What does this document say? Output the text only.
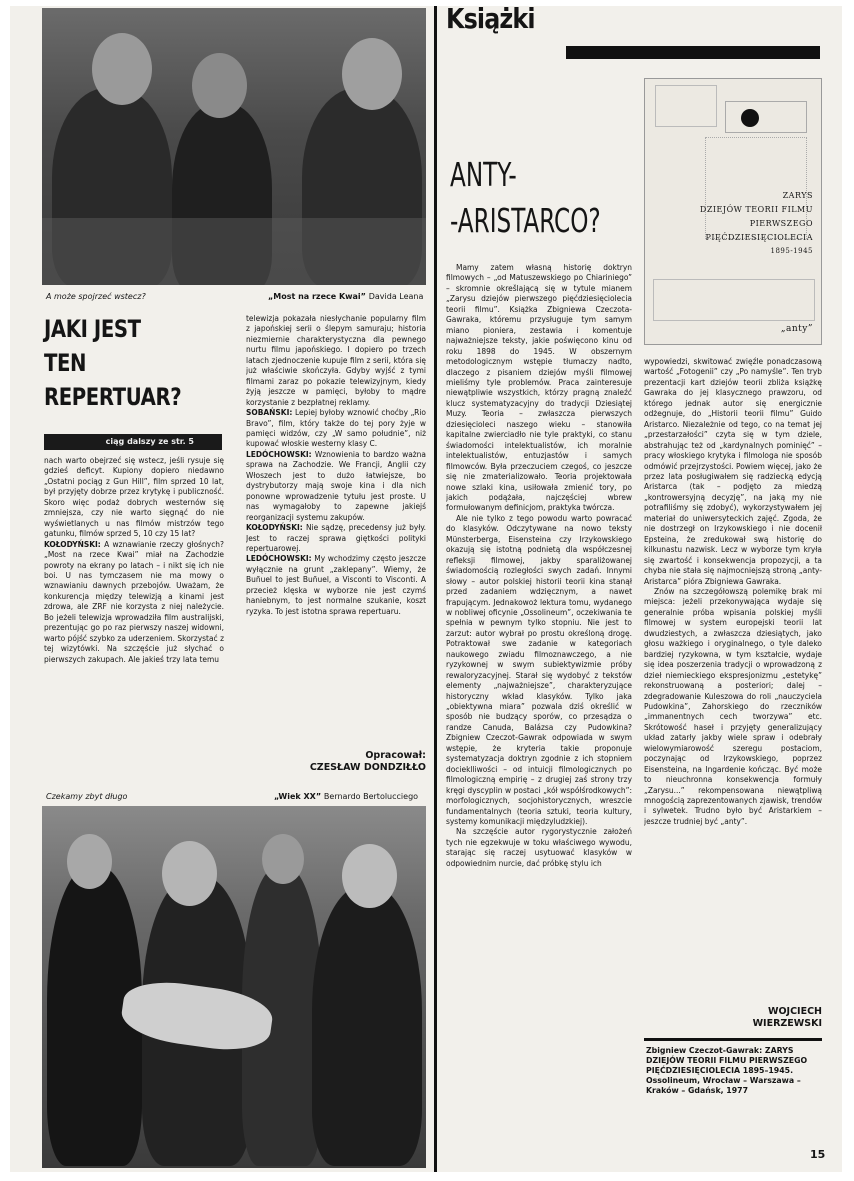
A może spojrzeć wstecz?	„Most na rzece Kwai” Davida Leana
JAKI JEST
TEN
REPERTUAR?
ciąg dalszy ze str. 5

nach warto obejrzeć się wstecz, jeśli rysuje się gdzieś deficyt. Kupiony dopiero niedawno „Ostatni pociąg z Gun Hill”, film sprzed 10 lat, był przyjęty dobrze przez krytykę i publiczność. Skoro więc podaż dobrych westernów się zmniejsza, czy nie warto sięgnąć do nie wyświetlanych u nas filmów mistrzów tego gatunku, filmów sprzed 5, 10 czy 15 lat?

KOŁODYŃSKI: A wznawianie rzeczy głośnych? „Most na rzece Kwai” miał na Zachodzie powroty na ekrany po latach – i nikt się ich nie boi. U nas tymczasem nie ma mowy o wznawianiu dawnych przebojów. Uważam, że konkurencja między telewizją a kinami jest zdrowa, ale ZRF nie korzysta z niej należycie. Bo jeżeli telewizja wprowadziła film australijski, prezentując go po raz pierwszy naszej widowni, warto pójść szybko za uderzeniem. Skorzystać z tej wizytówki. Na szczęście już słychać o pierwszych zakupach. Ale jakieś trzy lata temu

telewizja pokazała niesłychanie popularny film z japońskiej serii o ślepym samuraju; historia niezmiernie charakterystyczna dla pewnego nurtu filmu japońskiego. I dopiero po trzech latach zjednoczenie kupuje film z serii, która się już właściwie skończyła. Gdyby wyjść z tymi filmami zaraz po pokazie telewizyjnym, kiedy żyją jeszcze w pamięci, byłoby to mądre korzystanie z bezpłatnej reklamy.

SOBAŃSKI: Lepiej byłoby wznowić choćby „Rio Bravo”, film, który także do tej pory żyje w pamięci widzów, czy „W samo południe”, niż kupować włoskie westerny klasy C.

LEDÓCHOWSKI: Wznowienia to bardzo ważna sprawa na Zachodzie. We Francji, Anglii czy Włoszech jest to dużo łatwiejsze, bo dystrybutorzy mają swoje kina i dla nich ponowne wprowadzenie tytułu jest proste. U nas wymagałoby to zapewne jakiejś reorganizacji systemu zakupów.

KOŁODYŃSKI: Nie sądzę, precedensy już były. Jest to raczej sprawa giętkości polityki repertuarowej.

LEDÓCHOWSKI: My wchodzimy często jeszcze wyłącznie na grunt „zaklepany”. Wiemy, że Buñuel to jest Buñuel, a Visconti to Visconti. A przecież klęska w wyborze nie jest czymś haniebnym, to jest normalne szukanie, koszt ryzyka. To jest istotna sprawa repertuaru.

Opracował:
CZESŁAW DONDZIŁŁO
Czekamy zbyt długo	„Wiek XX” Bernardo Bertolucciego
Książki
ZARYS
DZIEJÓW TEORII FILMU
PIERWSZEGO
PIĘĆDZIESIĘCIOLECIA
1895-1945
„anty”
ANTY-
-ARISTARCO?

Mamy zatem własną historię doktryn filmowych – „od Matuszewskiego po Chiariniego” – skromnie okrešlającą się w tytule mianem „Zarysu dziejów pierwszego pięćdziesięciolecia teorii filmu”. Książka Zbigniewa Czeczota-Gawraka, któremu przysługuje tym samym miano pioniera, zestawia i komentuje najważniejsze teksty, jakie poświęcono kinu od roku 1898 do 1945. W obszernym metodologicznym wstępie tłumaczy nadto, dlaczego z pisaniem dziejów myśli filmowej mieliśmy tyle problemów. Praca zainteresuje niewątpliwie wszystkich, którzy pragną znaleźć klucz systematyzacyjny do tradycji Dziesiątej Muzy. Teoria – zwłaszcza pierwszych dziesięcioleci naszego wieku – stanowiła kapitalne zwierciadło nie tyle praktyki, co stanu świadomości intelektualistów, ich moralnie intelektualistów, entuzjastów i samych filmowców. Była przeczuciem czegoś, co jeszcze się nie zmaterializowało. Teoria projektowała nowe szlaki kina, usiłowała zmienić tory, po jakich podążała, najczęściej wbrew formułowanym definicjom, praktyka twórcza.

Ale nie tylko z tego powodu warto powracać do klasyków. Odczytywane na nowo teksty Münsterberga, Eisensteina czy Irzykowskiego okazują się istotną podnietą dla współczesnej refleksji filmowej, jakby sparaliżowanej świadomością rozległości swych zadań. Innymi słowy – autor polskiej historii teorii kina stanął przed zadaniem wdzięcznym, a nawet frapującym. Jednakowoż lektura tomu, wydanego w nobliwej oficynie „Ossolineum”, oczekiwania te spełnia w pewnym tylko stopniu. Nie jest to zarzut: autor wybrał po prostu określoną drogę. Potraktował swe zadanie w kategoriach naukowego zwiadu filmoznawczego, a nie ryzykownej w swym subiektywizmie próby rewaloryzacyjnej. Starał się wydobyć z tekstów elementy „najważniejsze”, charakteryzujące historyczny wkład klasyków. Tylko jaka „obiektywna miara” pozwala dziś określić w sposób nie budzący sporów, co przesądza o randze Canuda, Balázsa czy Pudowkina? Zbigniew Czeczot-Gawrak odpowiada w swym wstępie, że kryteria takie proponuje systematyzacja doktryn zgodnie z ich stopniem docieklliwości – od intuicji filmologicznych po filmologiczną empirię – z drugiej zaś strony trzy kręgi dyscyplin w postaci „kół współśrodkowych”: morfologicznych, socjohistorycznych, wreszcie fundamentalnych (teoria sztuki, teoria kultury, systemy komunikacji międzyludzkiej).

Na szczęście autor rygorystycznie założeń tych nie egzekwuje w toku właściwego wywodu, starając się raczej usytuować klasyków w odpowiednim nurcie, dać próbkę stylu ich

wypowiedzi, skwitować zwięźle ponadczasową wartość „Fotogenii” czy „Po namyśle”. Ten tryb prezentacji kart dziejów teorii zbliża książkę Gawraka do jej klasycznego prawzoru, od którego jednak autor się energicznie odżegnuje, do „Historii teorii filmu” Guido Aristarco. Niezależnie od tego, co na temat jej „przestarzałości” czyta się w tym dziele, abstrahując też od „kardynalnych pominięć” – pracy włoskiego krytyka i filmologa nie sposób odmówić przejrzystości. Powiem więcej, jako że przez lata posługiwałem się radziecką edycją Aristarca (tak – podjęto za miedzą „kontrowersyjną decyzję”, na jaką my nie potrafiliśmy się zdobyć), wykorzystywałem jej materiał do uniwersyteckich zajęć. Zgoda, że nie dostrzegł on Irzykowskiego i nie docenił Epsteina, że zredukował swą historię do kilkunastu nazwisk. Lecz w wyborze tym kryła się zwartość i konsekwencja propozycji, a ta chyba nie stała się najmocniejszą stroną „anty-Aristarca” pióra Zbigniewa Gawraka.

Znów na szczegółowszą polemikę brak mi miejsca: jeżeli przekonywająca wydaje się generalnie próba wpisania polskiej myśli filmowej w system europejski teorii lat dwudziestych, a zwłaszcza dziesiątych, jako głosu ważkiego i oryginalnego, o tyle daleko bardziej ryzykowna, w tym kształcie, wydaje się idea poszerzenia tradycji o wprowadzoną z dzieł niemieckiego ekspresjonizmu „estetykę” rekonstruowaną a posteriori; dalej – zdegradowanie Kuleszowa do roli „nauczyciela Pudowkina”, Zahorskiego do rzeczników „immanentnych cech tworzywa” etc. Skrótowość haseł i przyjęty generalizujący układ zatarły jakby wiele spraw i odebrały wielowymiarowość szeregu postaciom, poczynając od Irzykowskiego, poprzez Eisensteina, na Ingardenie kończąc. Być może to nieuchronna konsekwencja formuły „Zarysu...” rekompensowana niewątpliwą mnogością zaprezentowanych zjawisk, trendów i sylwetek. Trudno było być Aristarkiem – jeszcze trudniej być „anty”.

WOJCIECH
WIERZEWSKI
Zbigniew Czeczot-Gawrak: ZARYS DZIEJÓW TEORII FILMU PIERWSZEGO PIĘĆDZIESIĘCIOLECIA 1895–1945. Ossolineum, Wrocław – Warszawa – Kraków – Gdańsk, 1977
15
